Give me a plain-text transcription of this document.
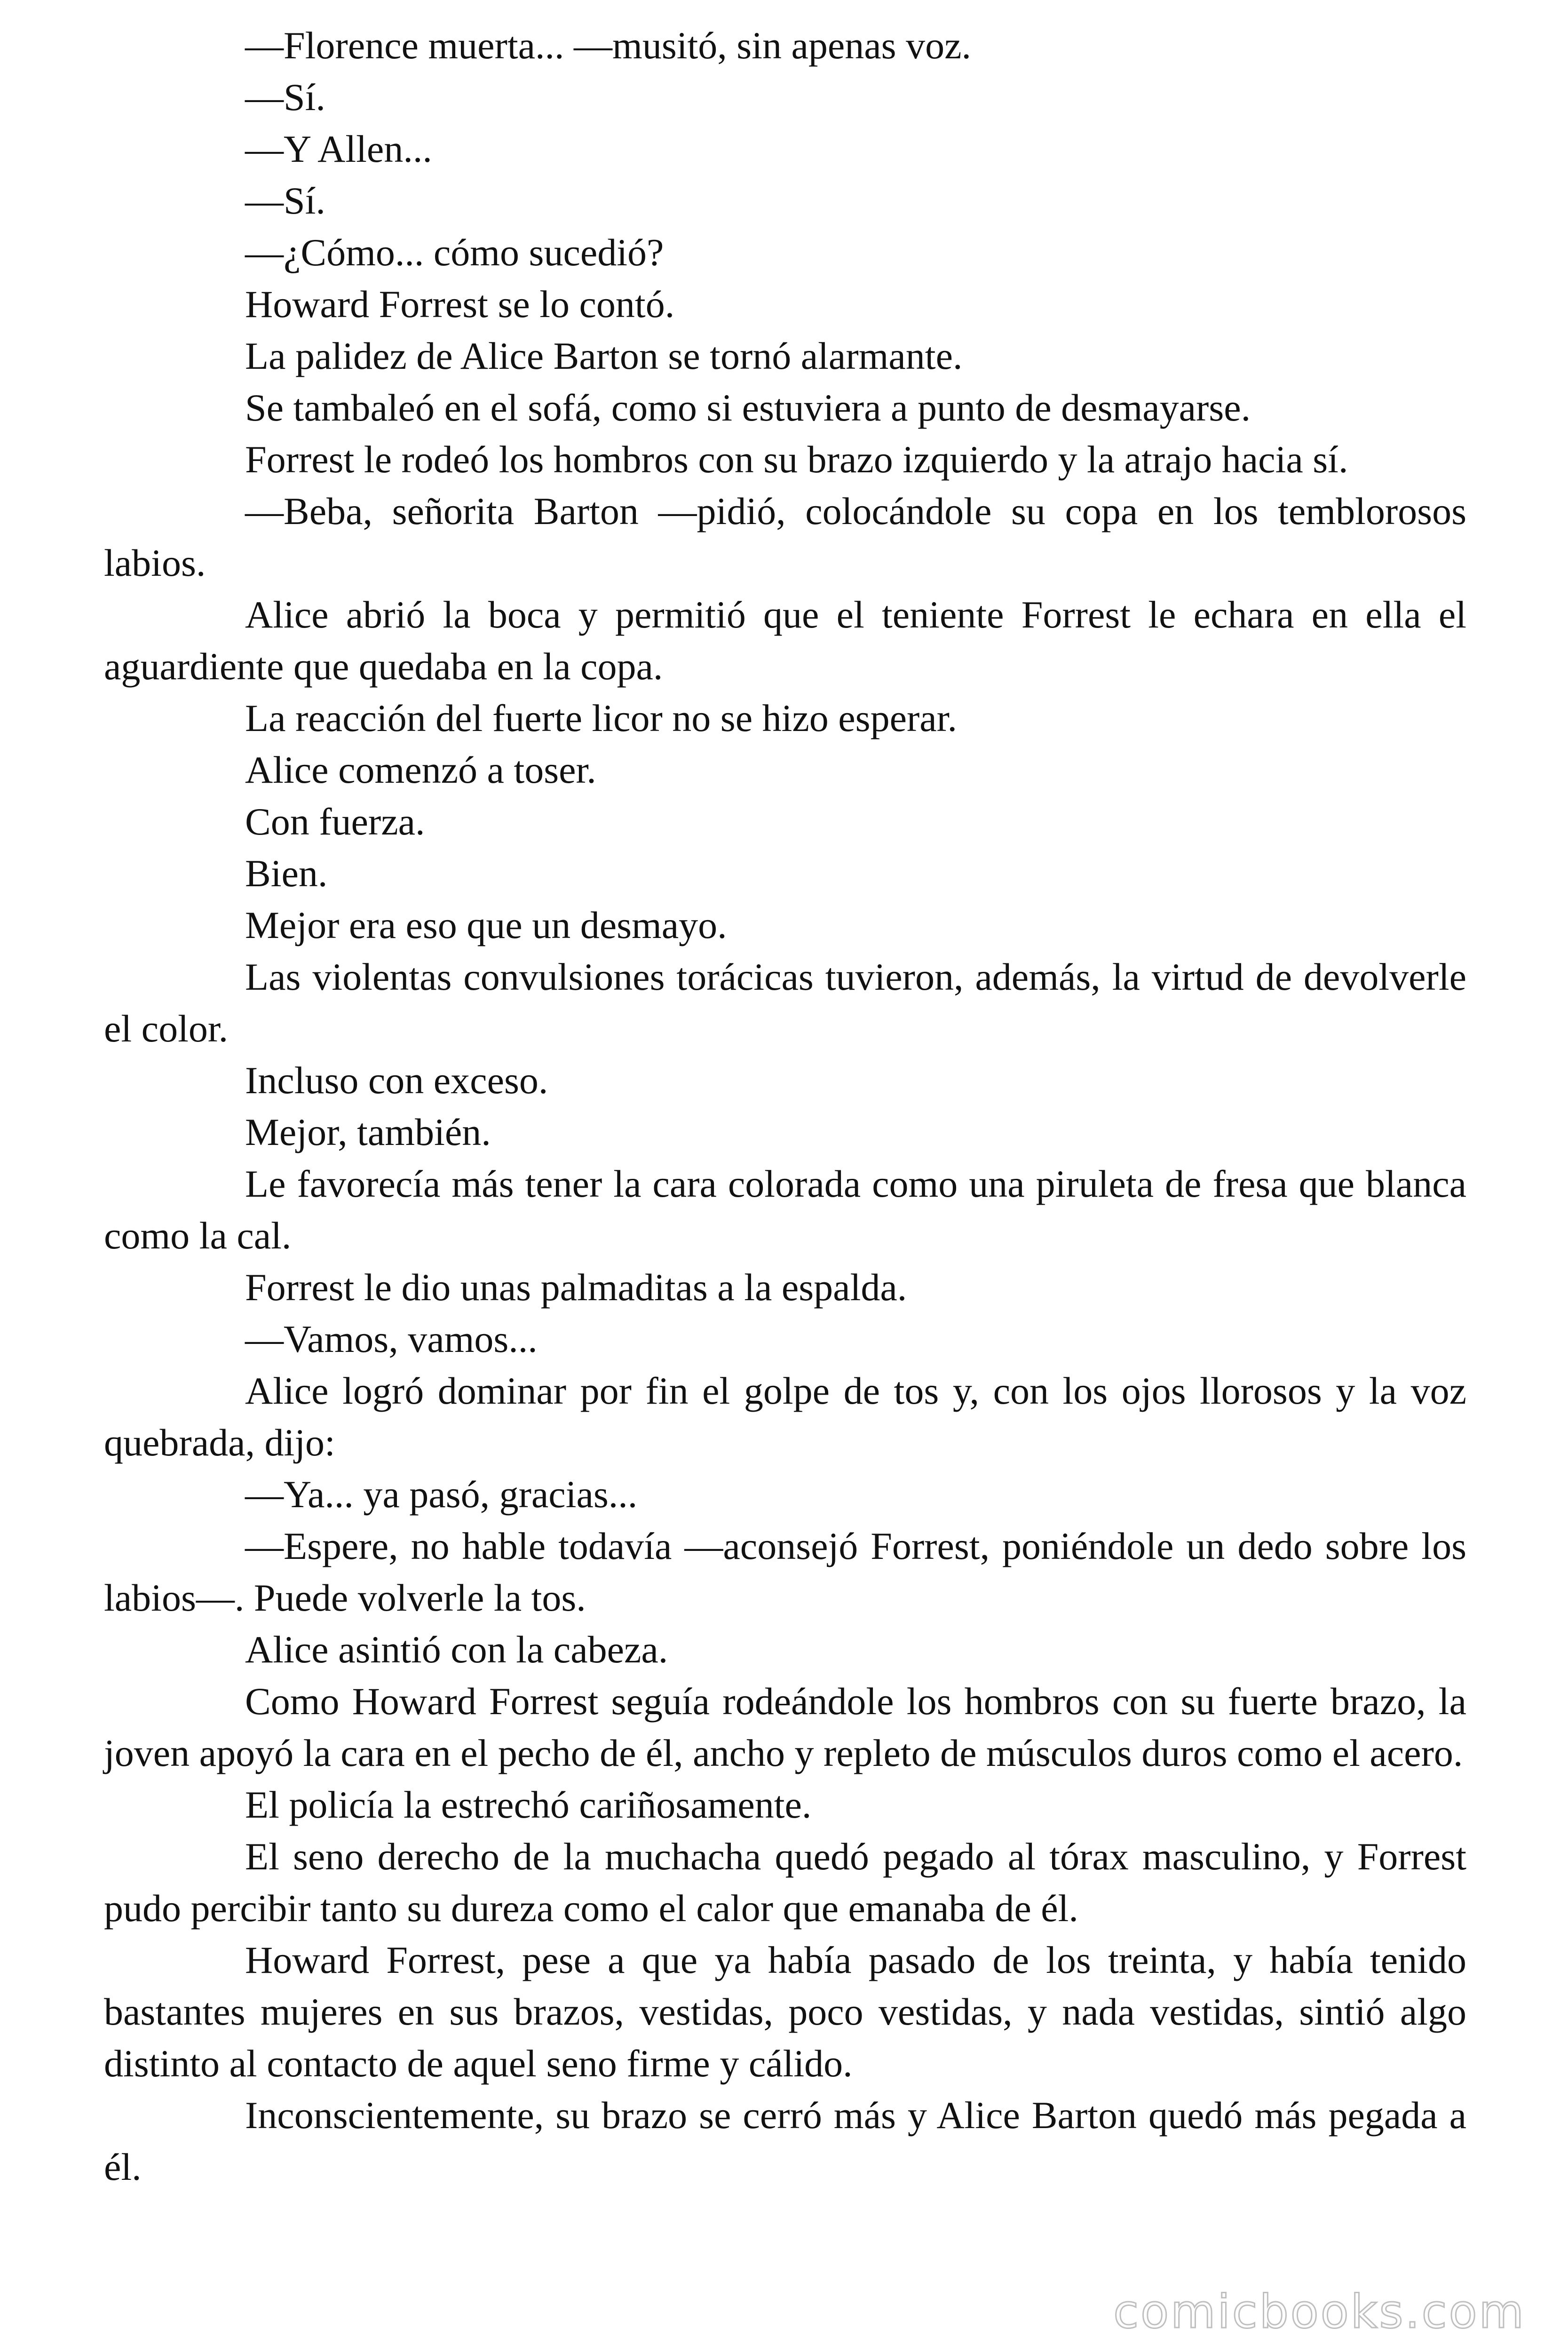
—Florence muerta... —musitó, sin apenas voz.

—Sí.

—Y Allen...

—Sí.

—¿Cómo... cómo sucedió?

Howard Forrest se lo contó.

La palidez de Alice Barton se tornó alarmante.

Se tambaleó en el sofá, como si estuviera a punto de desmayarse.

Forrest le rodeó los hombros con su brazo izquierdo y la atrajo hacia sí.

—Beba, señorita Barton —pidió, colocándole su copa en los temblorosos labios.

Alice abrió la boca y permitió que el teniente Forrest le echara en ella el aguardiente que quedaba en la copa.

La reacción del fuerte licor no se hizo esperar.

Alice comenzó a toser.

Con fuerza.

Bien.

Mejor era eso que un desmayo.

Las violentas convulsiones torácicas tuvieron, además, la virtud de devolverle el color.

Incluso con exceso.

Mejor, también.

Le favorecía más tener la cara colorada como una piruleta de fresa que blanca como la cal.

Forrest le dio unas palmaditas a la espalda.

—Vamos, vamos...

Alice logró dominar por fin el golpe de tos y, con los ojos llorosos y la voz quebrada, dijo:

—Ya... ya pasó, gracias...

—Espere, no hable todavía —aconsejó Forrest, poniéndole un dedo sobre los labios—. Puede volverle la tos.

Alice asintió con la cabeza.

Como Howard Forrest seguía rodeándole los hombros con su fuerte brazo, la joven apoyó la cara en el pecho de él, ancho y repleto de músculos duros como el acero.

El policía la estrechó cariñosamente.

El seno derecho de la muchacha quedó pegado al tórax masculino, y Forrest pudo percibir tanto su dureza como el calor que emanaba de él.

Howard Forrest, pese a que ya había pasado de los treinta, y había tenido bastantes mujeres en sus brazos, vestidas, poco vestidas, y nada vestidas, sintió algo distinto al contacto de aquel seno firme y cálido.

Inconscientemente, su brazo se cerró más y Alice Barton quedó más pegada a él.

comicbooks.com
